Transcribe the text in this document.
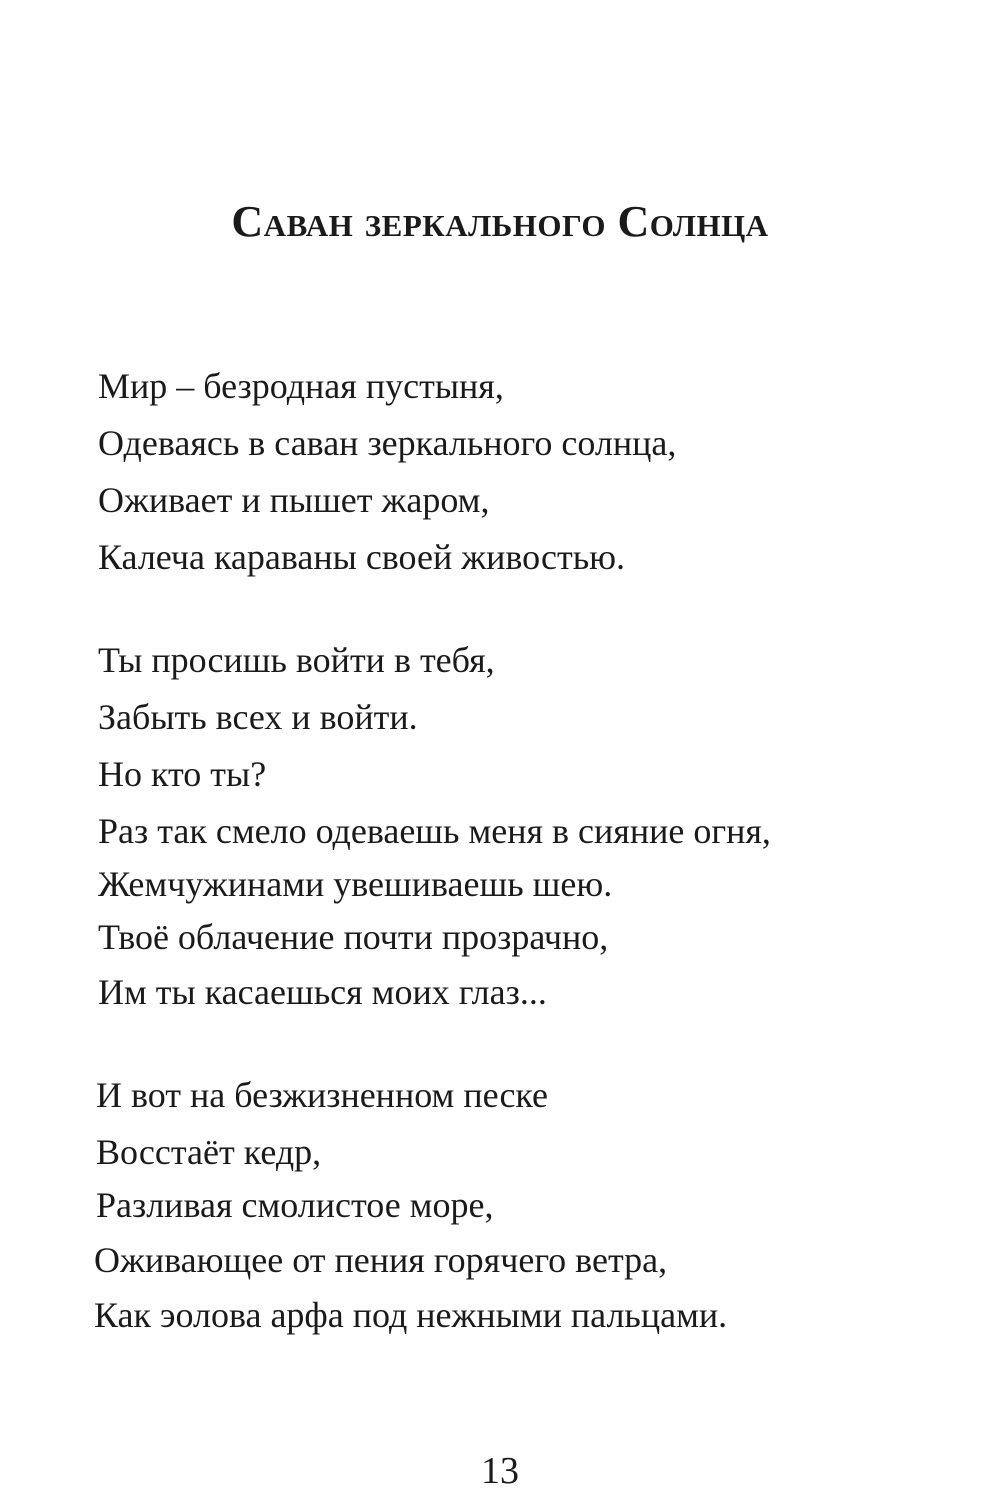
Саван зеркального Солнца
Мир – безродная пустыня,
Одеваясь в саван зеркального солнца,
Оживает и пышет жаром,
Калеча караваны своей живостью.
Ты просишь войти в тебя,
Забыть всех и войти.
Но кто ты?
Раз так смело одеваешь меня в сияние огня,
Жемчужинами увешиваешь шею.
Твоё облачение почти прозрачно,
Им ты касаешься моих глаз...
И вот на безжизненном песке
Восстаёт кедр,
Разливая смолистое море,
Оживающее от пения горячего ветра,
Как эолова арфа под нежными пальцами.
13
